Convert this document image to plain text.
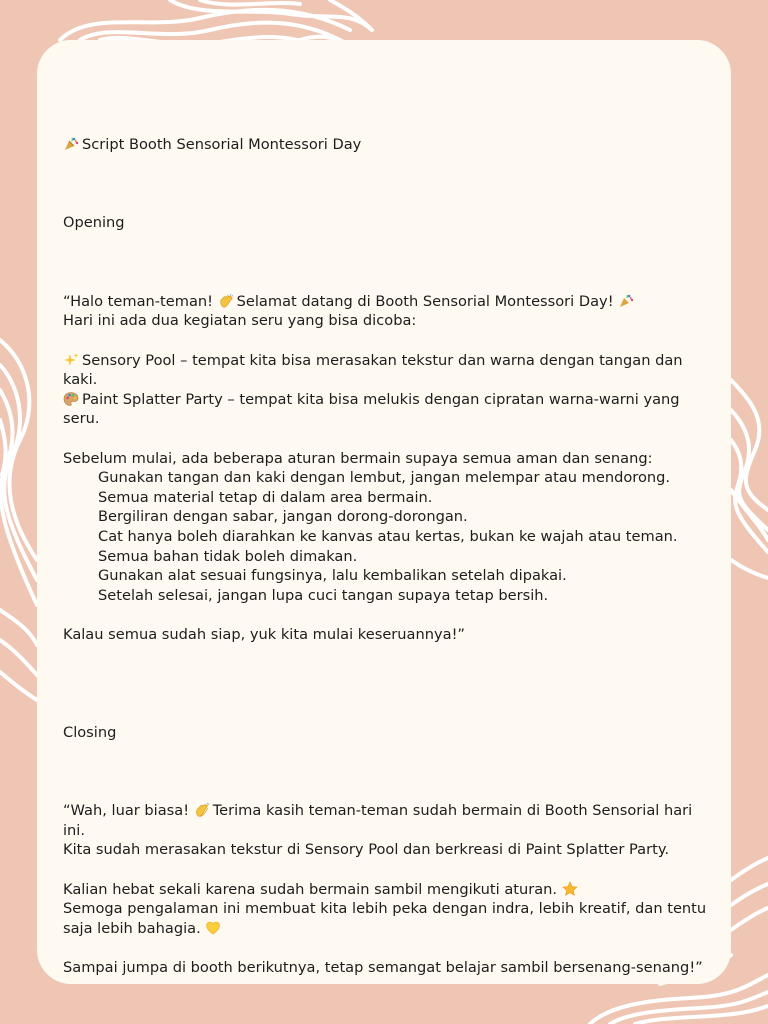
Script Booth Sensorial Montessori Day

Opening

“Halo teman-teman! Selamat datang di Booth Sensorial Montessori Day!

Hari ini ada dua kegiatan seru yang bisa dicoba:

Sensory Pool – tempat kita bisa merasakan tekstur dan warna dengan tangan dan kaki.

Paint Splatter Party – tempat kita bisa melukis dengan cipratan warna-warni yang seru.

Sebelum mulai, ada beberapa aturan bermain supaya semua aman dan senang:

Gunakan tangan dan kaki dengan lembut, jangan melempar atau mendorong.

Semua material tetap di dalam area bermain.

Bergiliran dengan sabar, jangan dorong-dorongan.

Cat hanya boleh diarahkan ke kanvas atau kertas, bukan ke wajah atau teman.

Semua bahan tidak boleh dimakan.

Gunakan alat sesuai fungsinya, lalu kembalikan setelah dipakai.

Setelah selesai, jangan lupa cuci tangan supaya tetap bersih.

Kalau semua sudah siap, yuk kita mulai keseruannya!”

Closing

“Wah, luar biasa! Terima kasih teman-teman sudah bermain di Booth Sensorial hari ini.

Kita sudah merasakan tekstur di Sensory Pool dan berkreasi di Paint Splatter Party.

Kalian hebat sekali karena sudah bermain sambil mengikuti aturan.

Semoga pengalaman ini membuat kita lebih peka dengan indra, lebih kreatif, dan tentu saja lebih bahagia.

Sampai jumpa di booth berikutnya, tetap semangat belajar sambil bersenang-senang!”
